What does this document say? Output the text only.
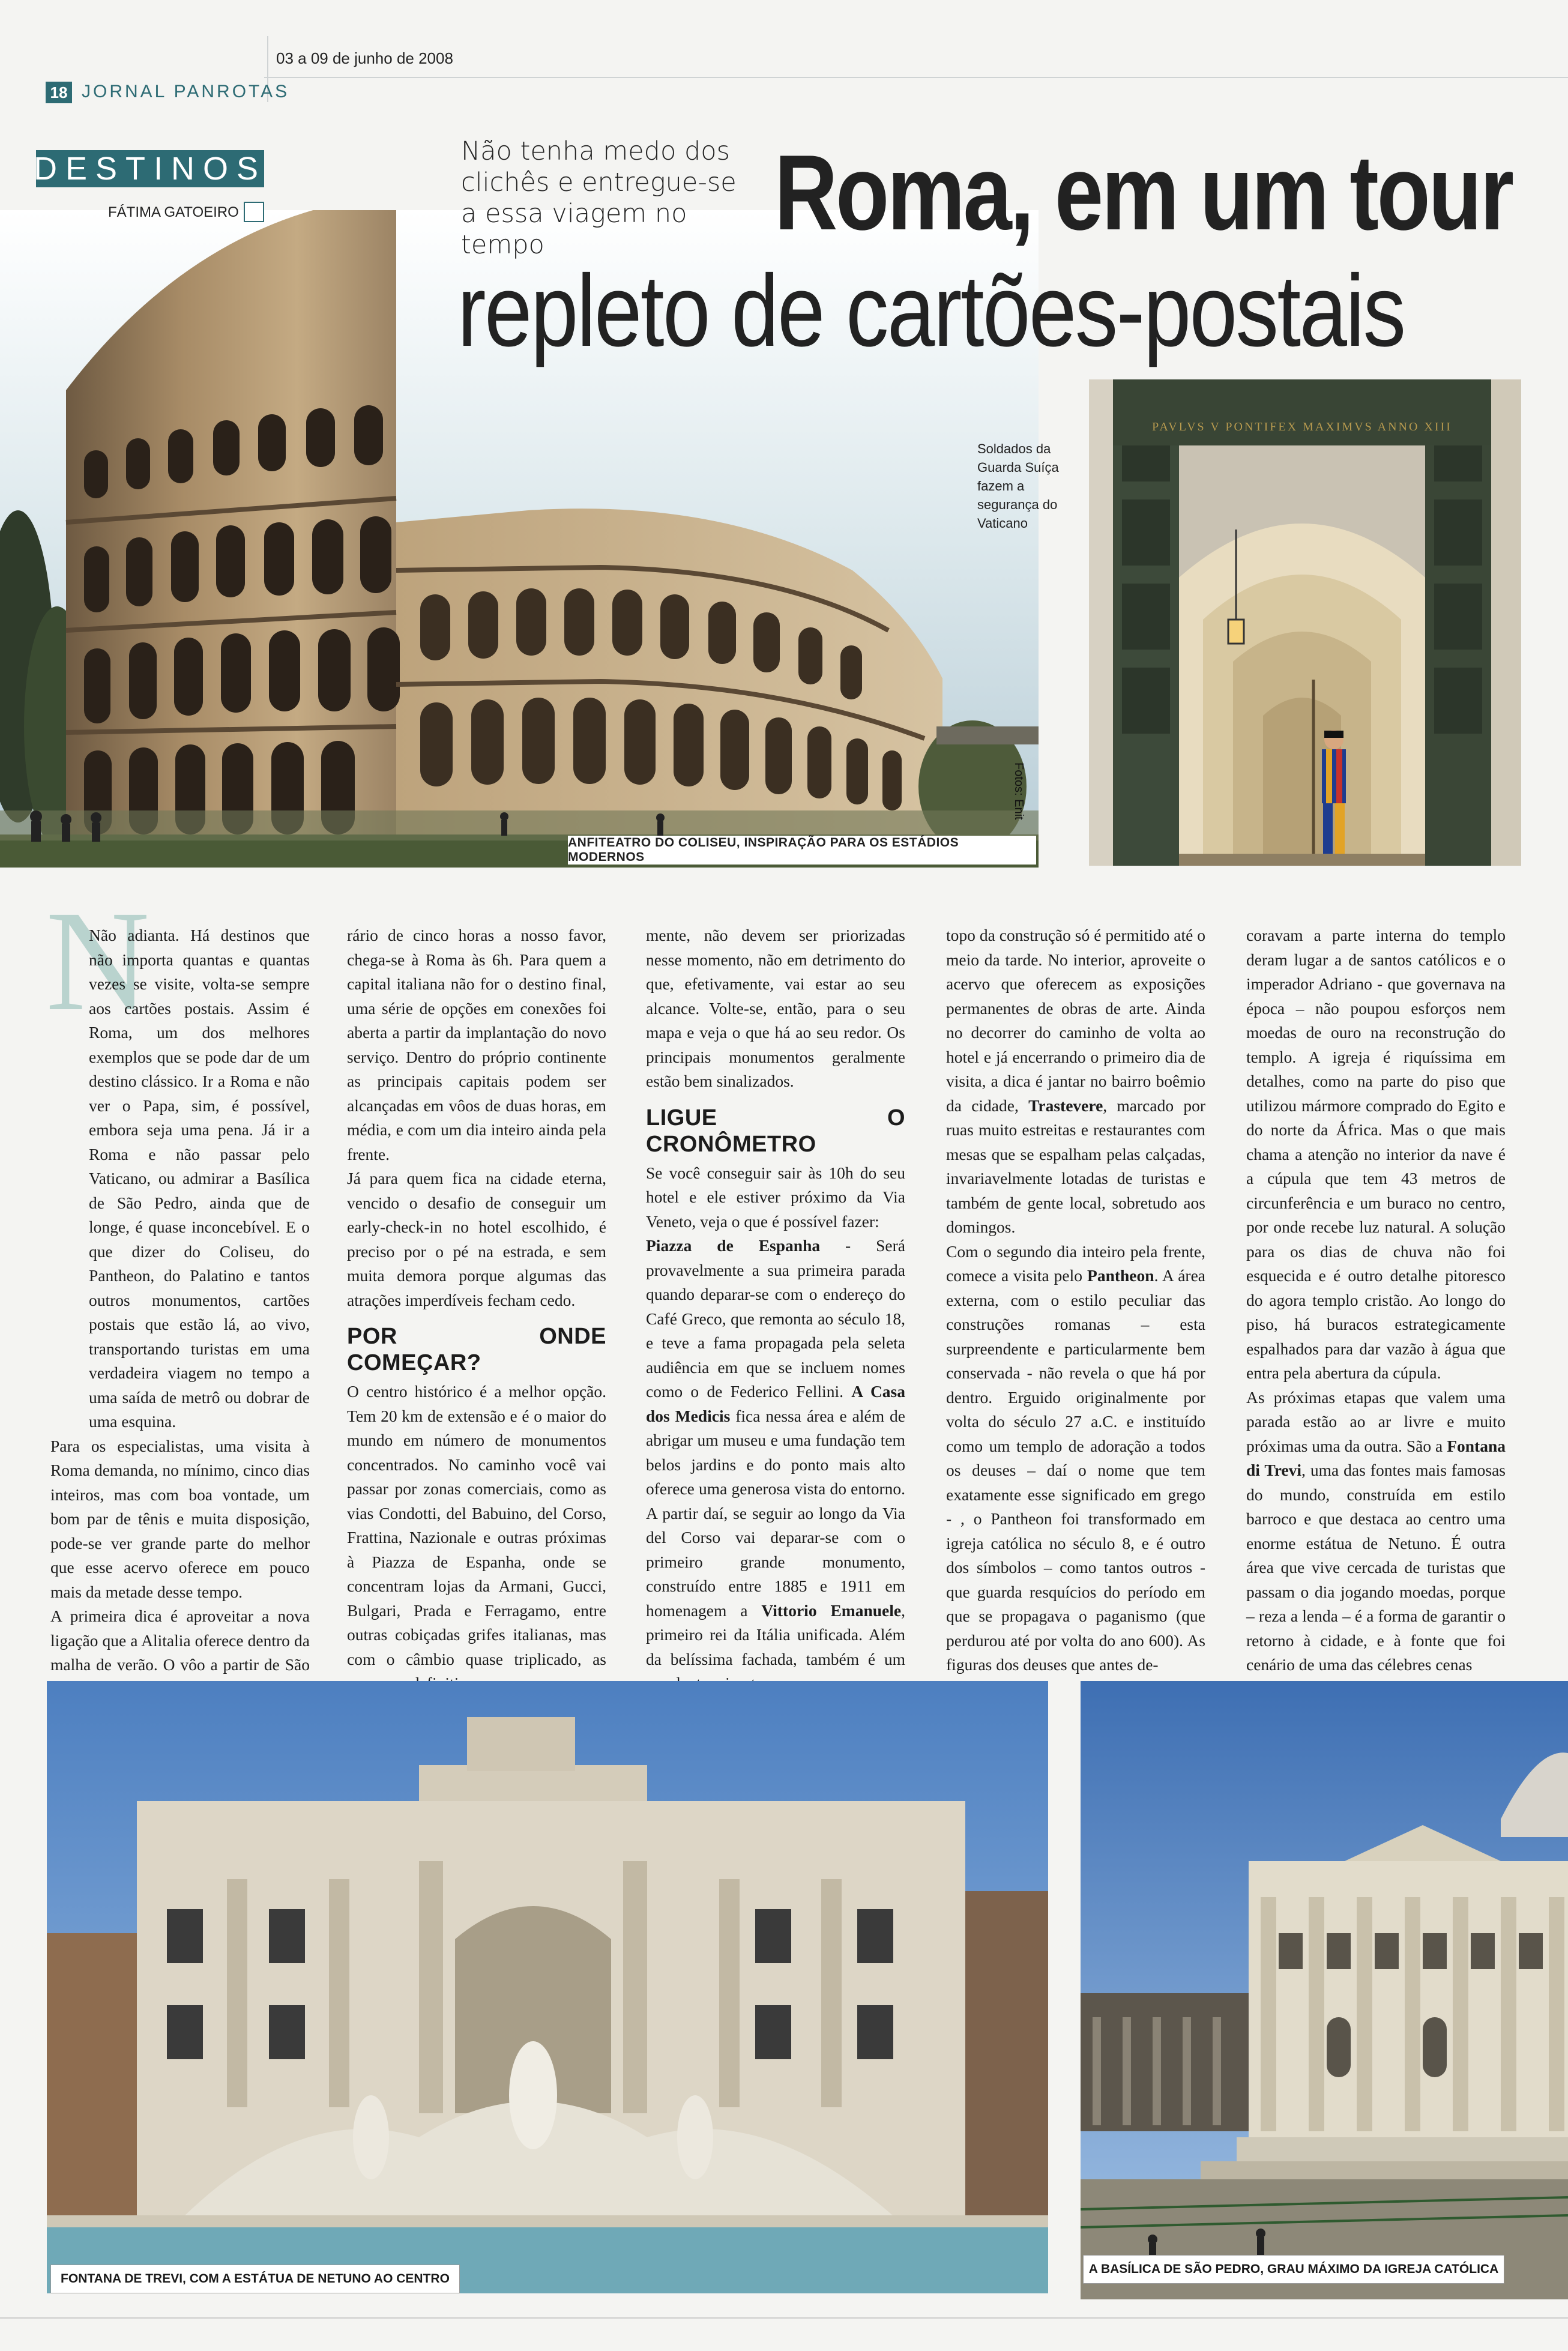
03 a 09 de junho de 2008
18 JORNAL PANROTAS
DESTINOS
FÁTIMA GATOEIRO
Não tenha medo dos clichês e entregue-se a essa viagem no tempo	Roma, em um tour
repleto de cartões-postais
ANFITEATRO DO COLISEU, INSPIRAÇÃO PARA OS ESTÁDIOS MODERNOS
Fotos: Enit
PAVLVS V PONTIFEX MAXIMVS ANNO XIII
Soldados da Guarda Suíça fazem a segurança do Vaticano
N

Não adianta. Há destinos que não importa quantas e quantas vezes se visite, volta-se sempre aos cartões postais. Assim é Roma, um dos melhores exemplos que se pode dar de um destino clássico. Ir a Roma e não ver o Papa, sim, é possível, embora seja uma pena. Já ir a Roma e não passar pelo Vaticano, ou admirar a Basílica de São Pedro, ainda que de longe, é quase inconcebível. E o que dizer do Coliseu, do Pantheon, do Palatino e tantos outros monumentos, cartões postais que estão lá, ao vivo, transportando turistas em uma verdadeira viagem no tempo a uma saída de metrô ou dobrar de uma esquina.

Para os especialistas, uma visita à Roma demanda, no mínimo, cinco dias inteiros, mas com boa vontade, um bom par de tênis e muita disposição, pode-se ver grande parte do melhor que esse acervo oferece em pouco mais da metade desse tempo.

A primeira dica é aproveitar a nova ligação que a Alitalia oferece dentro da malha de verão. O vôo a partir de São

rário de cinco horas a nosso favor, chega-se à Roma às 6h. Para quem a capital italiana não for o destino final, uma série de opções em conexões foi aberta a partir da implantação do novo serviço. Dentro do próprio continente as principais capitais podem ser alcançadas em vôos de duas horas, em média, e com um dia inteiro ainda pela frente.

Já para quem fica na cidade eterna, vencido o desafio de conseguir um early-check-in no hotel escolhido, é preciso por o pé na estrada, e sem muita demora porque algumas das atrações imperdíveis fecham cedo.

POR ONDE COMEÇAR?

O centro histórico é a melhor opção. Tem 20 km de extensão e é o maior do mundo em número de monumentos concentrados. No caminho você vai passar por zonas comerciais, como as vias Condotti, del Babuino, del Corso, Frattina, Nazionale e outras próximas à Piazza de Espanha, onde se concentram lojas da Armani, Gucci, Bulgari, Prada e Ferragamo, entre outras cobiçadas grifes italianas, mas com o câmbio quase triplicado, as

mente, não devem ser priorizadas nesse momento, não em detrimento do que, efetivamente, vai estar ao seu alcance. Volte-se, então, para o seu mapa e veja o que há ao seu redor. Os principais monumentos geralmente estão bem sinalizados.

LIGUE O CRONÔMETRO

Se você conseguir sair às 10h do seu hotel e ele estiver próximo da Via Veneto, veja o que é possível fazer:

Piazza de Espanha - Será provavelmente a sua primeira parada quando deparar-se com o endereço do Café Greco, que remonta ao século 18, e teve a fama propagada pela seleta audiência em que se incluem nomes como o de Federico Fellini. A Casa dos Medicis fica nessa área e além de abrigar um museu e uma fundação tem belos jardins e do ponto mais alto oferece uma generosa vista do entorno. A partir daí, se seguir ao longo da Via del Corso vai deparar-se com o primeiro grande monumento, construído entre 1885 e 1911 em homenagem a Vittorio Emanuele, primeiro rei da Itália unificada. Além da belíssima fachada, também é um

topo da construção só é permitido até o meio da tarde. No interior, aproveite o acervo que oferecem as exposições permanentes de obras de arte. Ainda no decorrer do caminho de volta ao hotel e já encerrando o primeiro dia de visita, a dica é jantar no bairro boêmio da cidade, Trastevere, marcado por ruas muito estreitas e restaurantes com mesas que se espalham pelas calçadas, invariavelmente lotadas de turistas e também de gente local, sobretudo aos domingos.

Com o segundo dia inteiro pela frente, comece a visita pelo Pantheon. A área externa, com o estilo peculiar das construções romanas – esta surpreendente e particularmente bem conservada - não revela o que há por dentro. Erguido originalmente por volta do século 27 a.C. e instituído como um templo de adoração a todos os deuses – daí o nome que tem exatamente esse significado em grego - , o Pantheon foi transformado em igreja católica no século 8, e é outro dos símbolos – como tantos outros - que guarda resquícios do período em que se propagava o paganismo (que perdurou até por volta do ano 600). As figuras dos deuses que antes de-

coravam a parte interna do templo deram lugar a de santos católicos e o imperador Adriano - que governava na época – não poupou esforços nem moedas de ouro na reconstrução do templo. A igreja é riquíssima em detalhes, como na parte do piso que utilizou mármore comprado do Egito e do norte da África. Mas o que mais chama a atenção no interior da nave é a cúpula que tem 43 metros de circunferência e um buraco no centro, por onde recebe luz natural. A solução para os dias de chuva não foi esquecida e é outro detalhe pitoresco do agora templo cristão. Ao longo do piso, há buracos estrategicamente espalhados para dar vazão à água que entra pela abertura da cúpula.

As próximas etapas que valem uma parada estão ao ar livre e muito próximas uma da outra. São a Fontana di Trevi, uma das fontes mais famosas do mundo, construída em estilo barroco e que destaca ao centro uma enorme estátua de Netuno. É outra área que vive cercada de turistas que passam o dia jogando moedas, porque – reza a lenda – é a forma de garantir o retorno à cidade, e à fonte que foi cenário de uma das célebres cenas

FONTANA DE TREVI, COM A ESTÁTUA DE NETUNO AO CENTRO
A BASÍLICA DE SÃO PEDRO, GRAU MÁXIMO DA IGREJA CATÓLICA
